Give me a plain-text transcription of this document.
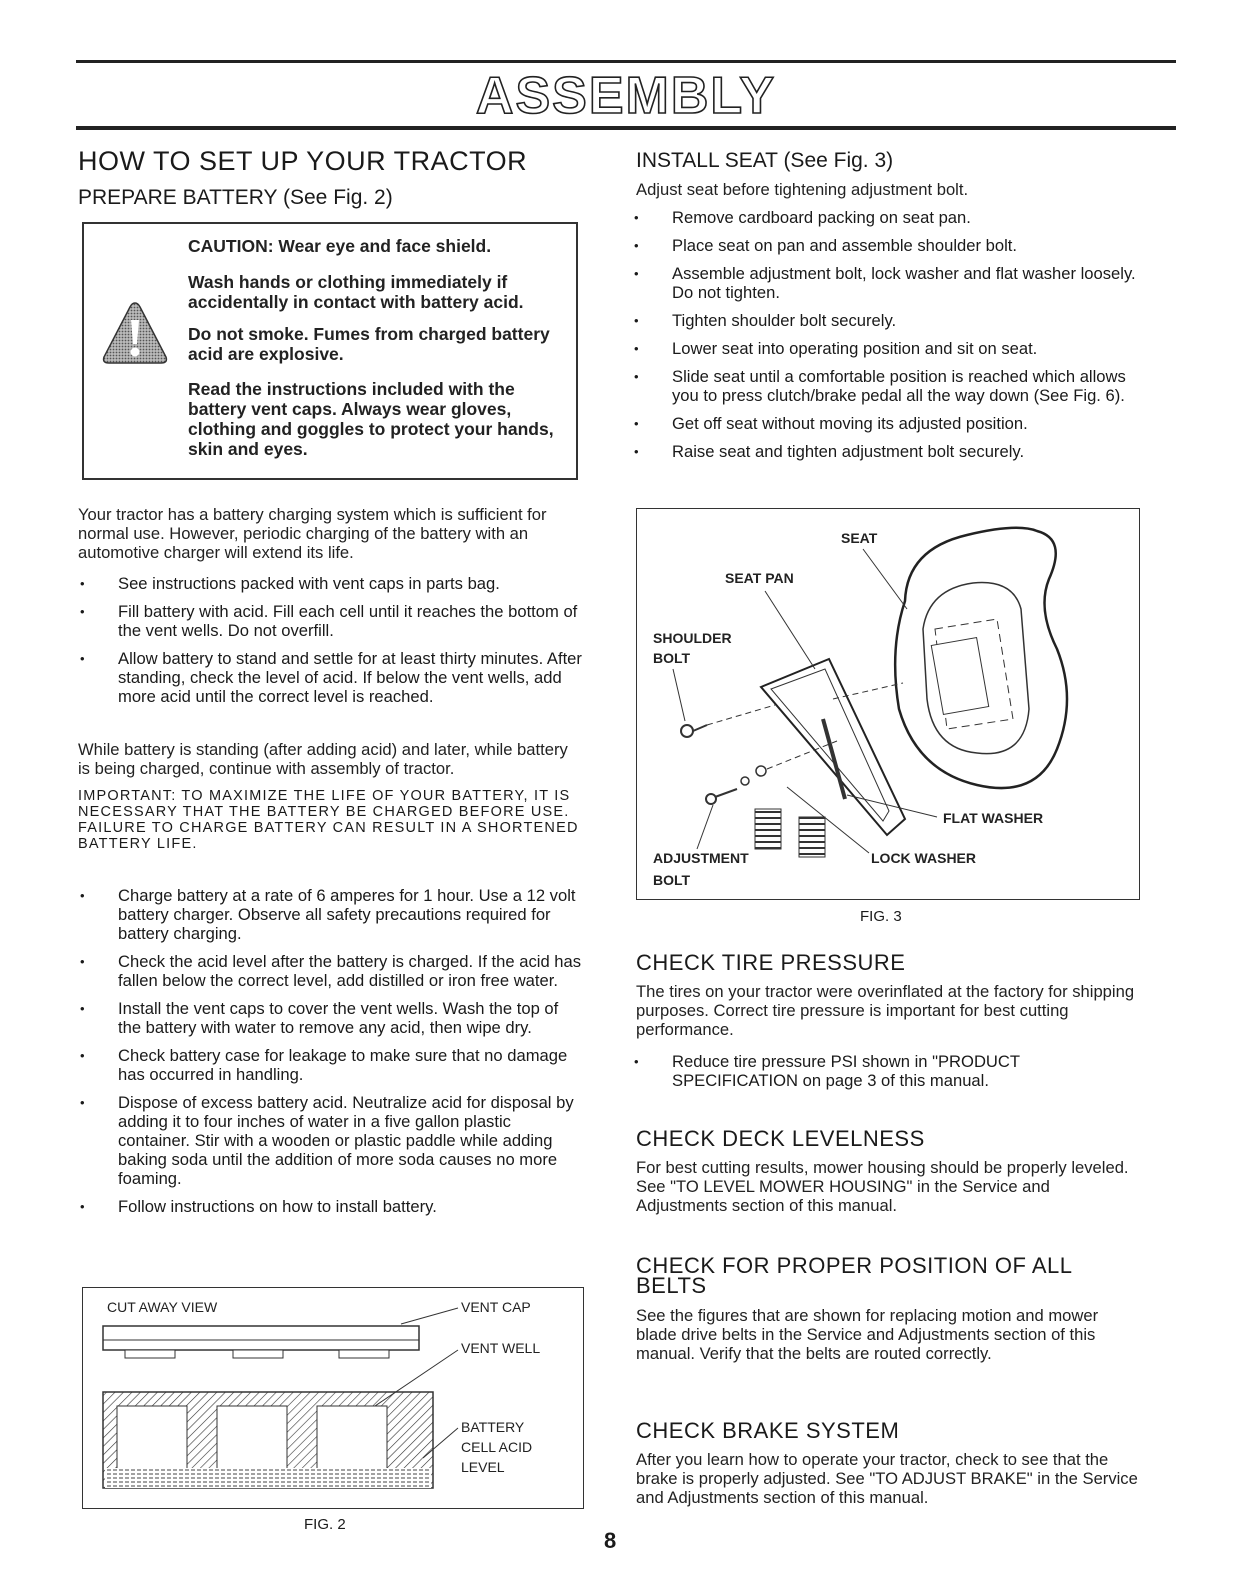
ASSEMBLY
HOW TO SET UP YOUR TRACTOR
PREPARE BATTERY (See Fig. 2)

CAUTION: Wear eye and face shield.

Wash hands or clothing immediately if accidentally in contact with battery acid.

Do not smoke. Fumes from charged battery acid are explosive.

Read the instructions included with the battery vent caps. Always wear gloves, clothing and goggles to protect your hands, skin and eyes.

Your tractor has a battery charging system which is sufficient for normal use. However, periodic charging of the battery with an automotive charger will extend its life.

• See instructions packed with vent caps in parts bag.
• Fill battery with acid. Fill each cell until it reaches the bottom of the vent wells. Do not overfill.
• Allow battery to stand and settle for at least thirty minutes. After standing, check the level of acid. If below the vent wells, add more acid until the correct level is reached.

While battery is standing (after adding acid) and later, while battery is being charged, continue with assembly of tractor.

IMPORTANT: TO MAXIMIZE THE LIFE OF YOUR BATTERY, IT IS NECESSARY THAT THE BATTERY BE CHARGED BEFORE USE. FAILURE TO CHARGE BATTERY CAN RESULT IN A SHORTENED BATTERY LIFE.

• Charge battery at a rate of 6 amperes for 1 hour. Use a 12 volt battery charger. Observe all safety precautions required for battery charging.
• Check the acid level after the battery is charged. If the acid has fallen below the correct level, add distilled or iron free water.
• Install the vent caps to cover the vent wells. Wash the top of the battery with water to remove any acid, then wipe dry.
• Check battery case for leakage to make sure that no damage has occurred in handling.
• Dispose of excess battery acid. Neutralize acid for disposal by adding it to four inches of water in a five gallon plastic container. Stir with a wooden or plastic paddle while adding baking soda until the addition of more soda causes no more foaming.
• Follow instructions on how to install battery.
CUT AWAY VIEW	VENT CAP
VENT WELL
BATTERY
CELL ACID
LEVEL
FIG. 2
INSTALL SEAT (See Fig. 3)

Adjust seat before tightening adjustment bolt.

• Remove cardboard packing on seat pan.
• Place seat on pan and assemble shoulder bolt.
• Assemble adjustment bolt, lock washer and flat washer loosely. Do not tighten.
• Tighten shoulder bolt securely.
• Lower seat into operating position and sit on seat.
• Slide seat until a comfortable position is reached which allows you to press clutch/brake pedal all the way down (See Fig. 6).
• Get off seat without moving its adjusted position.
• Raise seat and tighten adjustment bolt securely.
SEAT
SEAT PAN
SHOULDER
BOLT
FLAT WASHER
ADJUSTMENT
BOLT
LOCK WASHER
FIG. 3
CHECK TIRE PRESSURE

The tires on your tractor were overinflated at the factory for shipping purposes. Correct tire pressure is important for best cutting performance.

• Reduce tire pressure PSI shown in "PRODUCT SPECIFICATION on page 3 of this manual.
CHECK DECK LEVELNESS

For best cutting results, mower housing should be properly leveled. See "TO LEVEL MOWER HOUSING" in the Service and Adjustments section of this manual.

CHECK FOR PROPER POSITION OF ALL BELTS

See the figures that are shown for replacing motion and mower blade drive belts in the Service and Adjustments section of this manual. Verify that the belts are routed correctly.

CHECK BRAKE SYSTEM

After you learn how to operate your tractor, check to see that the brake is properly adjusted. See "TO ADJUST BRAKE" in the Service and Adjustments section of this manual.

8
